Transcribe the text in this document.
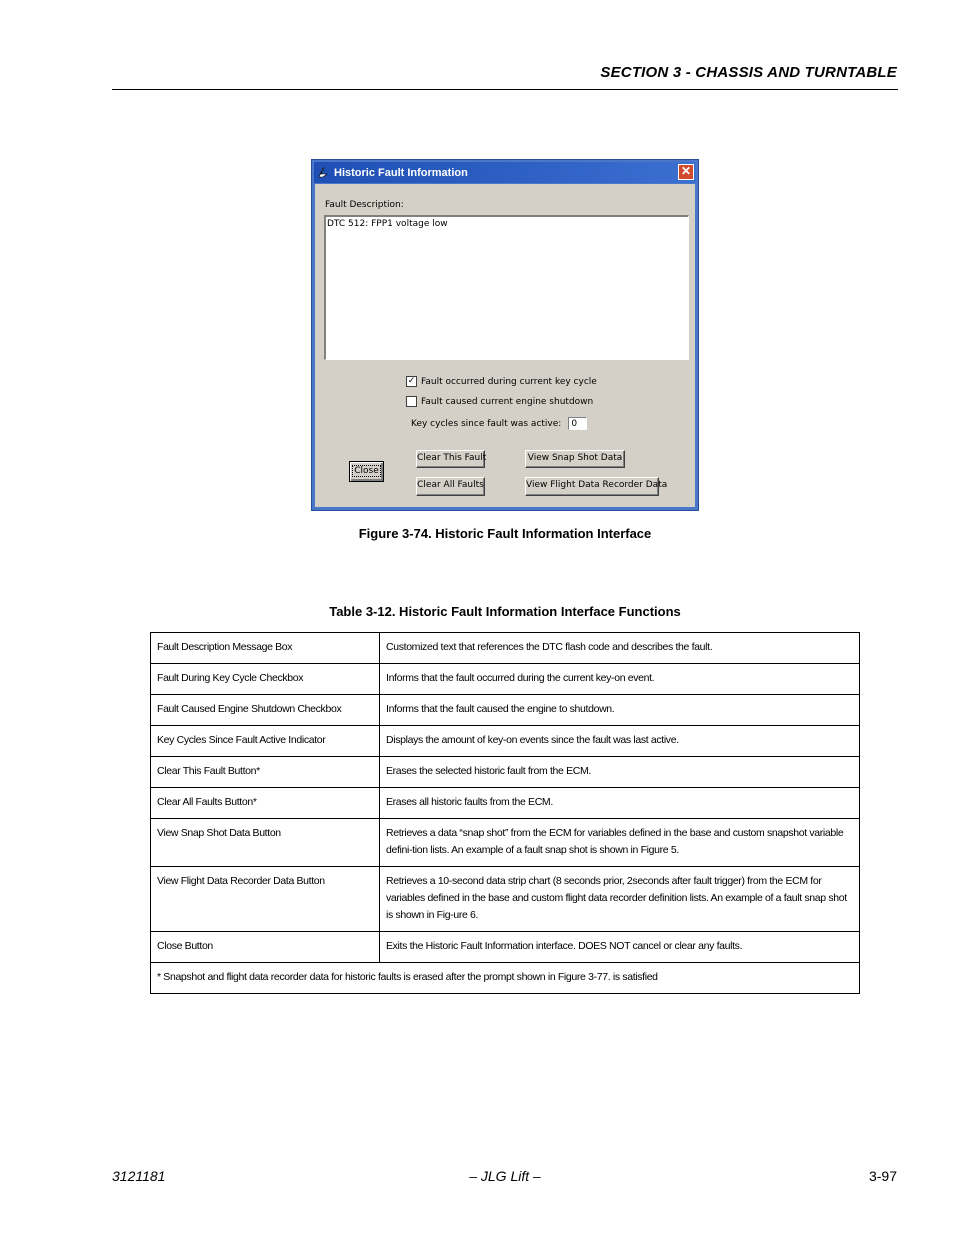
SECTION 3 - CHASSIS AND TURNTABLE
Historic Fault Information	✕
Fault Description:
DTC 512: FPP1 voltage low
✓ Fault occurred during current key cycle
Fault caused current engine shutdown
Key cycles since fault was active:	0
Close
Clear This Fault
Clear All Faults
View Snap Shot Data
View Flight Data Recorder Data
Figure 3-74. Historic Fault Information Interface
Table 3-12. Historic Fault Information Interface Functions
Fault Description Message Box	Customized text that references the DTC flash code and describes the fault.
Fault During Key Cycle Checkbox	Informs that the fault occurred during the current key-on event.
Fault Caused Engine Shutdown Checkbox	Informs that the fault caused the engine to shutdown.
Key Cycles Since Fault Active Indicator	Displays the amount of key-on events since the fault was last active.
Clear This Fault Button*	Erases the selected historic fault from the ECM.
Clear All Faults Button*	Erases all historic faults from the ECM.
View Snap Shot Data Button	Retrieves a data “snap shot” from the ECM for variables defined in the base and custom snapshot variable defini-tion lists. An example of a fault snap shot is shown in Figure 5.
View Flight Data Recorder Data Button	Retrieves a 10-second data strip chart (8 seconds prior, 2seconds after fault trigger) from the ECM for variables defined in the base and custom flight data recorder definition lists. An example of a fault snap shot is shown in Fig-ure 6.
Close Button	Exits the Historic Fault Information interface. DOES NOT cancel or clear any faults.
* Snapshot and flight data recorder data for historic faults is erased after the prompt shown in Figure 3-77. is satisfied	
3121181	– JLG Lift –	3-97
